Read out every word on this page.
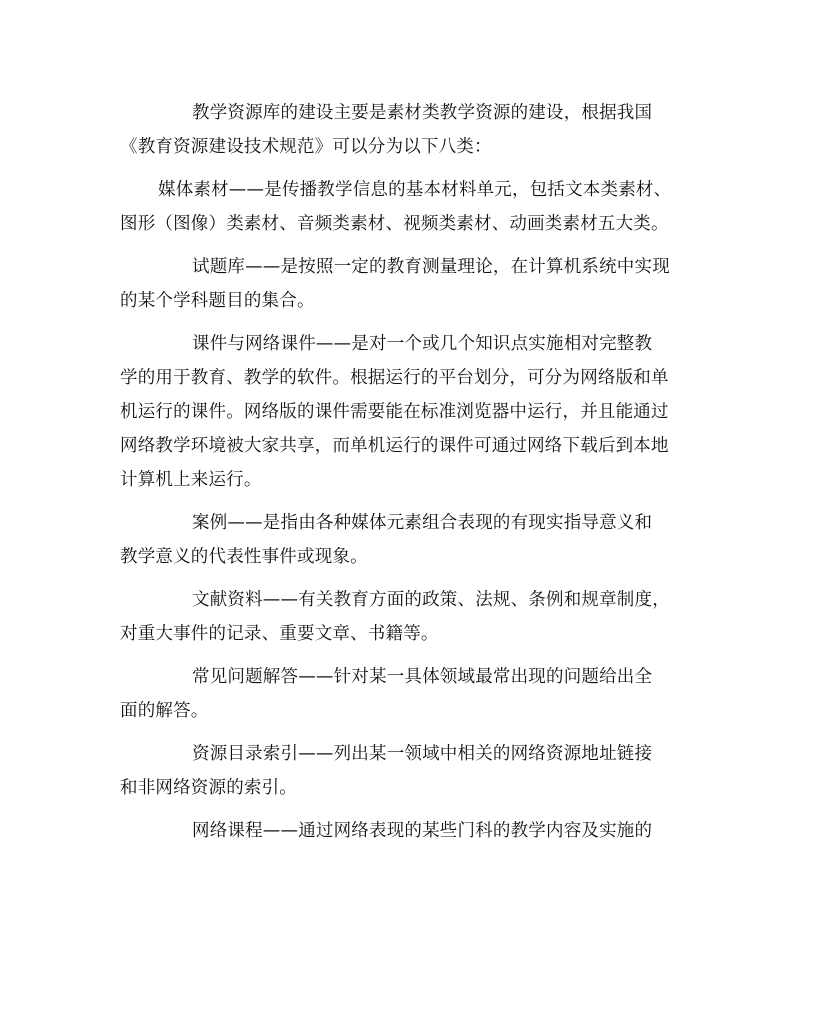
教学资源库的建设主要是素材类教学资源的建设，根据我国
《教育资源建设技术规范》可以分为以下八类：

媒体素材——是传播教学信息的基本材料单元，包括文本类素材、
图形（图像）类素材、音频类素材、视频类素材、动画类素材五大类。

试题库——是按照一定的教育测量理论，在计算机系统中实现
的某个学科题目的集合。

课件与网络课件——是对一个或几个知识点实施相对完整教
学的用于教育、教学的软件。根据运行的平台划分，可分为网络版和单
机运行的课件。网络版的课件需要能在标准浏览器中运行，并且能通过
网络教学环境被大家共享，而单机运行的课件可通过网络下载后到本地
计算机上来运行。

案例——是指由各种媒体元素组合表现的有现实指导意义和
教学意义的代表性事件或现象。

文献资料——有关教育方面的政策、法规、条例和规章制度，
对重大事件的记录、重要文章、书籍等。

常见问题解答——针对某一具体领域最常出现的问题给出全
面的解答。

资源目录索引——列出某一领域中相关的网络资源地址链接
和非网络资源的索引。

网络课程——通过网络表现的某些门科的教学内容及实施的
